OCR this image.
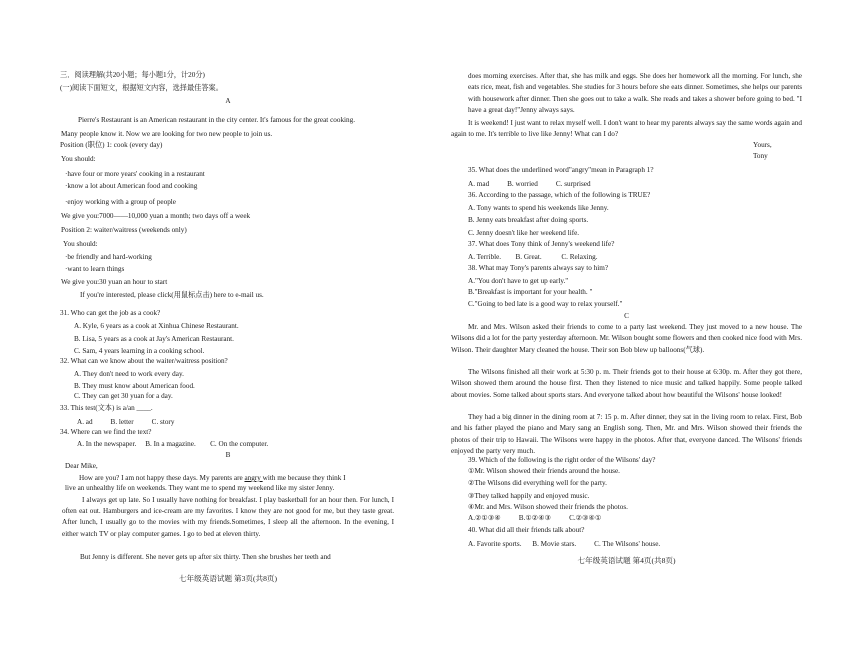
三．阅读理解(共20小题；每小题1分，计20分)
(一)阅读下面短文，根据短文内容，选择最佳答案。
A
Pierre's Restaurant is an American restaurant in the city center. It's famous for the great cooking.
Many people know it. Now we are looking for two new people to join us.
Position (职位) 1: cook (every day)
You should:
·have four or more years' cooking in a restaurant
·know a lot about American food and cooking
·enjoy working with a group of people
We give you:7000——10,000 yuan a month; two days off a week
Position 2: waiter/waitress (weekends only)
You should:
·be friendly and hard-working
·want to learn things
We give you:30 yuan an hour to start
If you're interested, please click(用鼠标点击) here to e-mail us.
31. Who can get the job as a cook?
A. Kyle, 6 years as a cook at Xinhua Chinese Restaurant.
B. Lisa, 5 years as a cook at Jay's American Restaurant.
C. Sam, 4 years learning in a cooking school.
32. What can we know about the waiter/waitress position?
A. They don't need to work every day.
B. They must know about American food.
C. They can get 30 yuan for a day.
33. This test(文本) is a/an ____.
A. ad          B. letter          C. story
34. Where can we find the text?
A. In the newspaper.     B. In a magazine.        C. On the computer.
B
Dear Mike,
How are you? I am not happy these days. My parents are angry with me because they think I
live an unhealthy life on weekends. They want me to spend my weekend like my sister Jenny.
I always get up late. So I usually have nothing for breakfast. I play basketball for an hour then. For lunch, I often eat out. Hamburgers and ice-cream are my favorites. I know they are not good for me, but they taste great. After lunch, I usually go to the movies with my friends.Sometimes, I sleep all the afternoon. In the evening, I either watch TV or play computer games. I go to bed at eleven thirty.
But Jenny is different. She never gets up after six thirty. Then she brushes her teeth and
七年级英语试题 第3页(共8页)
does morning exercises. After that, she has milk and eggs. She does her homework all the morning. For lunch, she eats rice, meat, fish and vegetables. She studies for 3 hours before she eats dinner. Sometimes, she helps our parents with housework after dinner. Then she goes out to take a walk. She reads and takes a shower before going to bed. "I have a great day!"Jenny always says.
It is weekend! I just want to relax myself well. I don't want to hear my parents always say the same words again and again to me. It's terrible to live like Jenny! What can I do?
Yours,
Tony
35. What does the underlined word"angry"mean in Paragraph 1?
A. mad          B. worried          C. surprised
36. According to the passage, which of the following is TRUE?
A. Tony wants to spend his weekends like Jenny.
B. Jenny eats breakfast after doing sports.
C. Jenny doesn't like her weekend life.
37. What does Tony think of Jenny's weekend life?
A. Terrible.        B. Great.           C. Relaxing.
38. What may Tony's parents always say to him?
A."You don't have to get up early."
B."Breakfast is important for your health. "
C."Going to bed late is a good way to relax yourself."
C
Mr. and Mrs. Wilson asked their friends to come to a party last weekend. They just moved to a new house. The Wilsons did a lot for the party yesterday afternoon. Mr. Wilson bought some flowers and then cooked nice food with Mrs. Wilson. Their daughter Mary cleaned the house. Their son Bob blew up balloons(气球).
The Wilsons finished all their work at 5:30 p. m. Their friends got to their house at 6:30p. m. After they got there, Wilson showed them around the house first. Then they listened to nice music and talked happily. Some people talked about movies. Some talked about sports stars. And everyone talked about how beautiful the Wilsons' house looked!
They had a big dinner in the dining room at 7: 15 p. m. After dinner, they sat in the living room to relax. First, Bob and his father played the piano and Mary sang an English song. Then, Mr. and Mrs. Wilson showed their friends the photos of their trip to Hawaii. The Wilsons were happy in the photos. After that, everyone danced. The Wilsons' friends enjoyed the party very much.
39. Which of the following is the right order of the Wilsons' day?
①Mr. Wilson showed their friends around the house.
②The Wilsons did everything well for the party.
③They talked happily and enjoyed music.
④Mr. and Mrs. Wilson showed their friends the photos.
A.②①③④          B.①②④③          C.②③④①
40. What did all their friends talk about?
A. Favorite sports.      B. Movie stars.          C. The Wilsons' house.
七年级英语试题 第4页(共8页)
